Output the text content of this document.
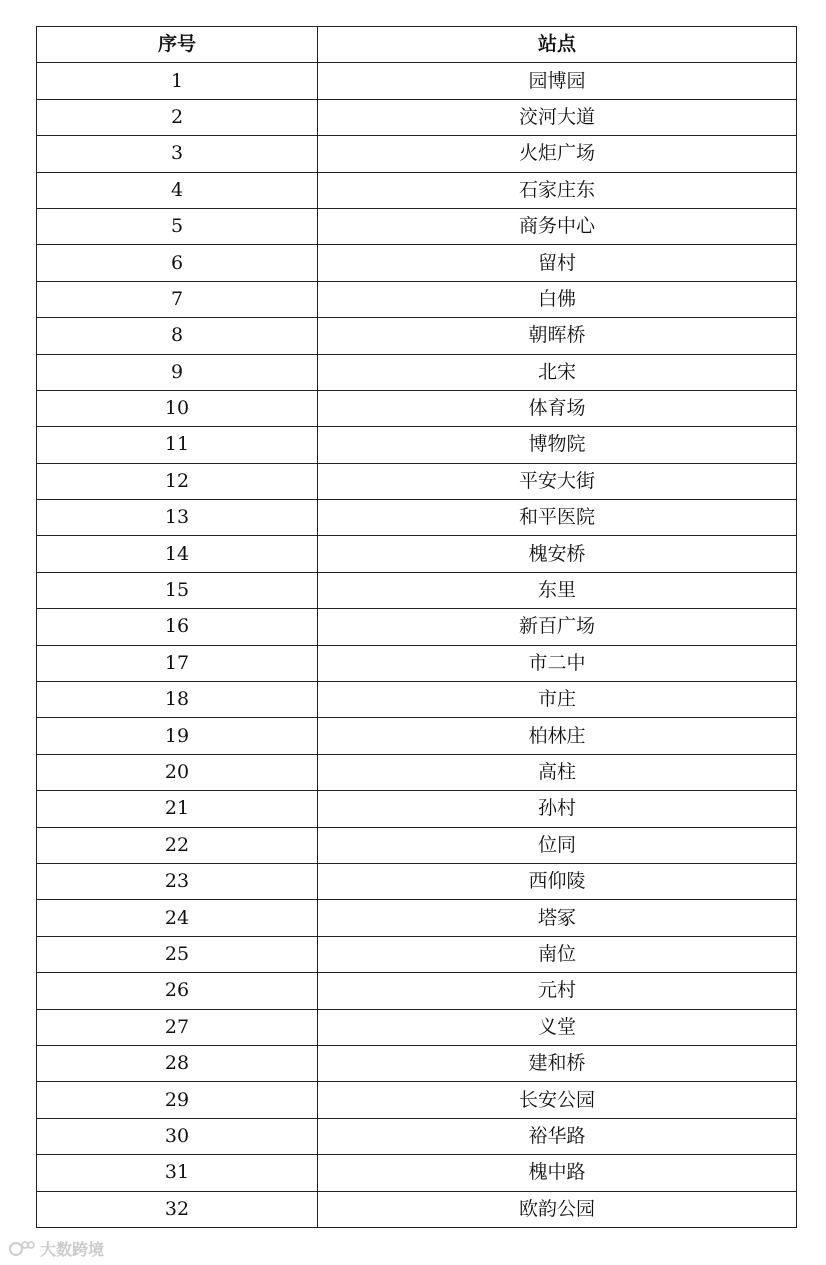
序号	站点
1	园博园
2	洨河大道
3	火炬广场
4	石家庄东
5	商务中心
6	留村
7	白佛
8	朝晖桥
9	北宋
10	体育场
11	博物院
12	平安大街
13	和平医院
14	槐安桥
15	东里
16	新百广场
17	市二中
18	市庄
19	柏林庄
20	高柱
21	孙村
22	位同
23	西仰陵
24	塔冢
25	南位
26	元村
27	义堂
28	建和桥
29	长安公园
30	裕华路
31	槐中路
32	欧韵公园
大数跨境
